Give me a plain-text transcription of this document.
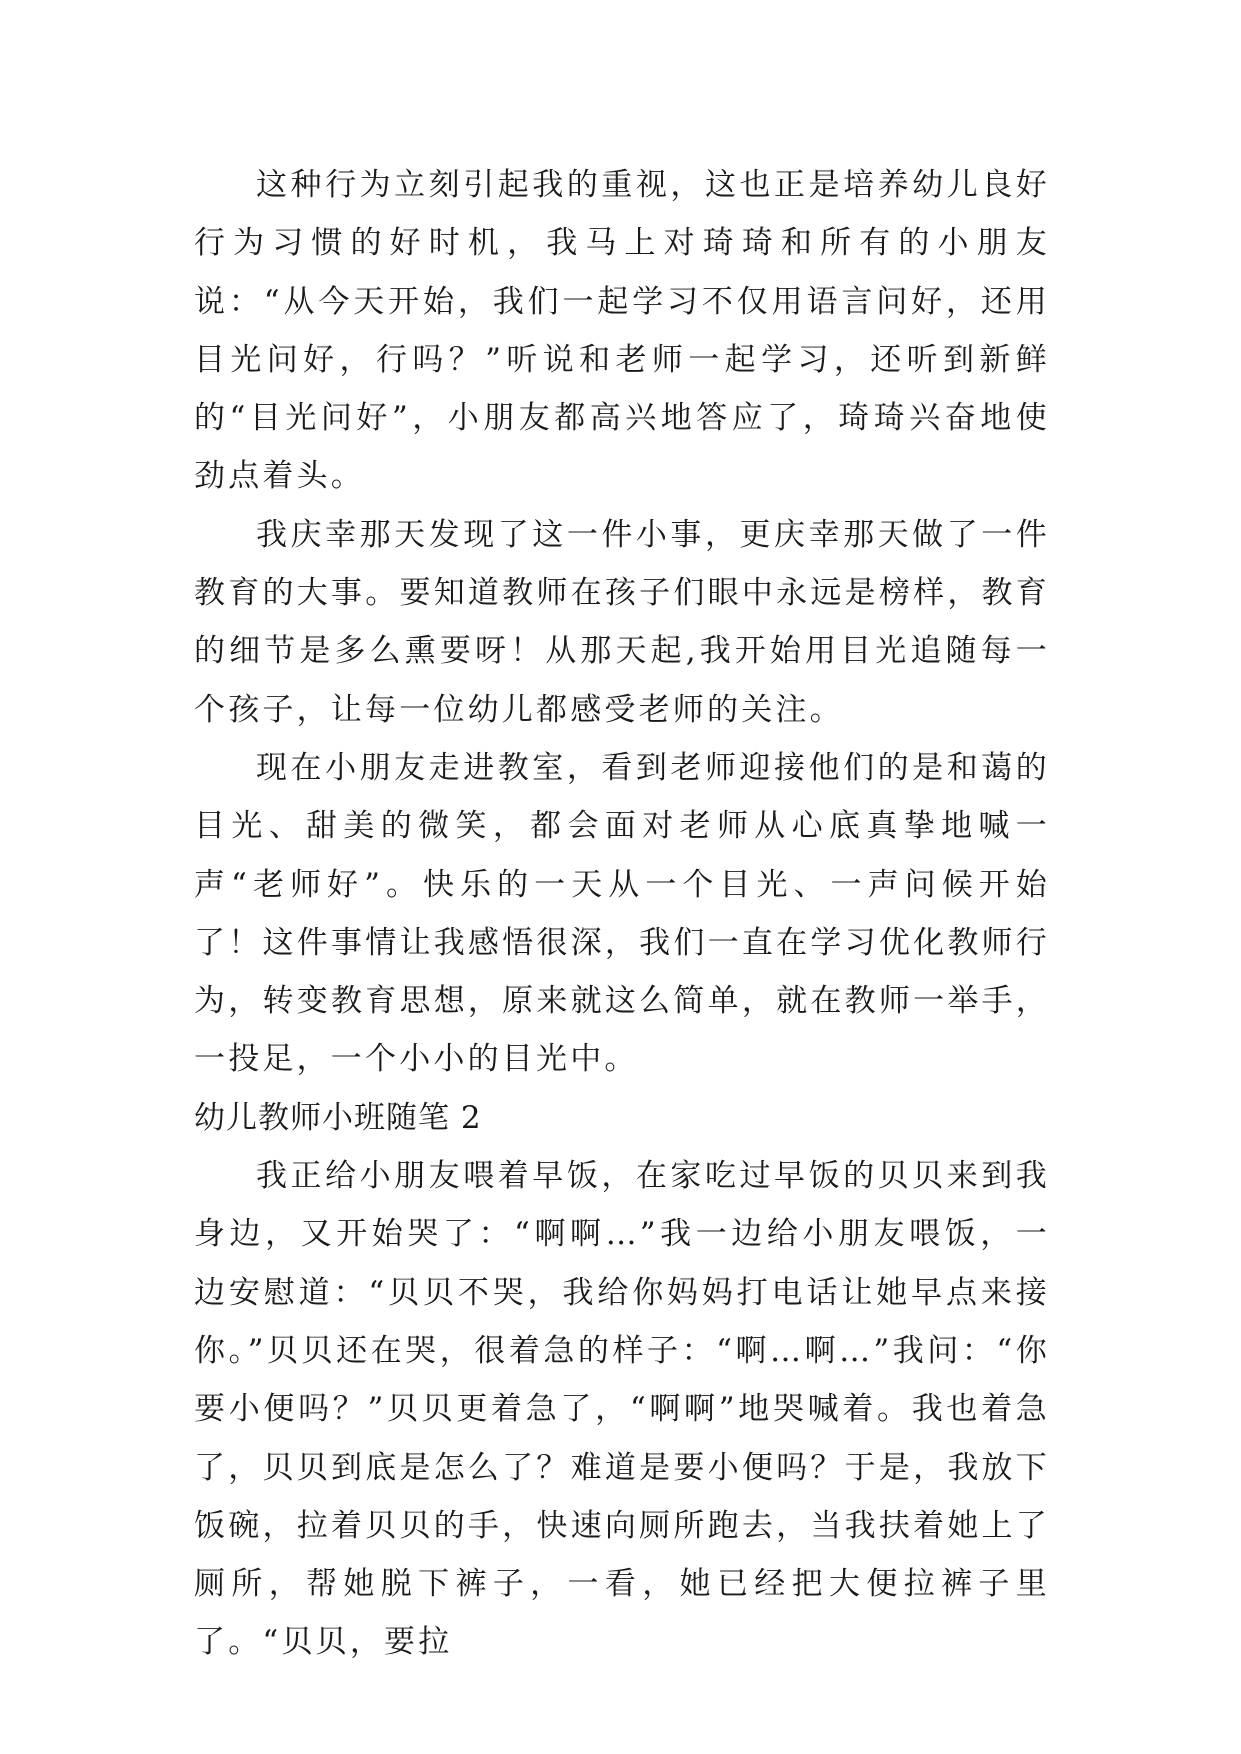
这种行为立刻引起我的重视，这也正是培养幼儿良好行为习惯的好时机，我马上对琦琦和所有的小朋友说：“从今天开始，我们一起学习不仅用语言问好，还用目光问好，行吗？”听说和老师一起学习，还听到新鲜的“目光问好”，小朋友都高兴地答应了，琦琦兴奋地使劲点着头。

我庆幸那天发现了这一件小事，更庆幸那天做了一件教育的大事。要知道教师在孩子们眼中永远是榜样，教育的细节是多么熏要呀！从那天起,我开始用目光追随每一个孩子，让每一位幼儿都感受老师的关注。

现在小朋友走进教室，看到老师迎接他们的是和蔼的目光、甜美的微笑，都会面对老师从心底真挚地喊一声“老师好”。快乐的一天从一个目光、一声问候开始了！这件事情让我感悟很深，我们一直在学习优化教师行为，转变教育思想，原来就这么简单，就在教师一举手，一投足，一个小小的目光中。

幼儿教师小班随笔 2

我正给小朋友喂着早饭，在家吃过早饭的贝贝来到我身边，又开始哭了：“啊啊…”我一边给小朋友喂饭，一边安慰道：“贝贝不哭，我给你妈妈打电话让她早点来接你。”贝贝还在哭，很着急的样子：“啊…啊…”我问：“你要小便吗？”贝贝更着急了，“啊啊”地哭喊着。我也着急了，贝贝到底是怎么了？难道是要小便吗？于是，我放下饭碗，拉着贝贝的手，快速向厕所跑去，当我扶着她上了厕所，帮她脱下裤子，一看，她已经把大便拉裤子里了。“贝贝，要拉
